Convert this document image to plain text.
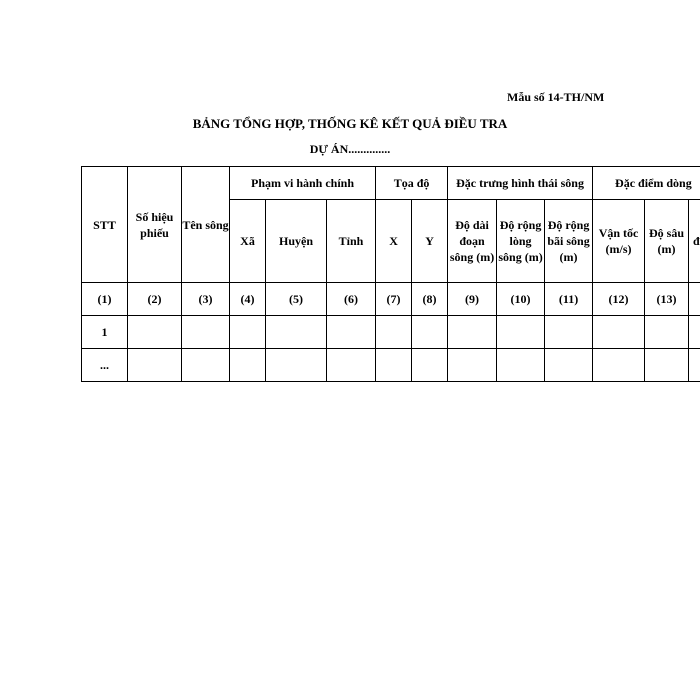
Mẫu số 14-TH/NM
BẢNG TỔNG HỢP, THỐNG KÊ KẾT QUẢ ĐIỀU TRA
DỰ ÁN..............
STT	Số hiệu phiếu	Tên sông	Phạm vi hành chính			Tọa độ		Đặc trưng hình thái sông			Đặc điểm dòng		
			Xã	Huyện	Tỉnh	X	Y	Độ dài đoạn sông (m)	Độ rộng lòng sông (m)	Độ rộng bãi sông (m)	Vận tốc (m/s)	Độ sâu (m)	đ
(1)	(2)	(3)	(4)	(5)	(6)	(7)	(8)	(9)	(10)	(11)	(12)	(13)	
1													
...													
